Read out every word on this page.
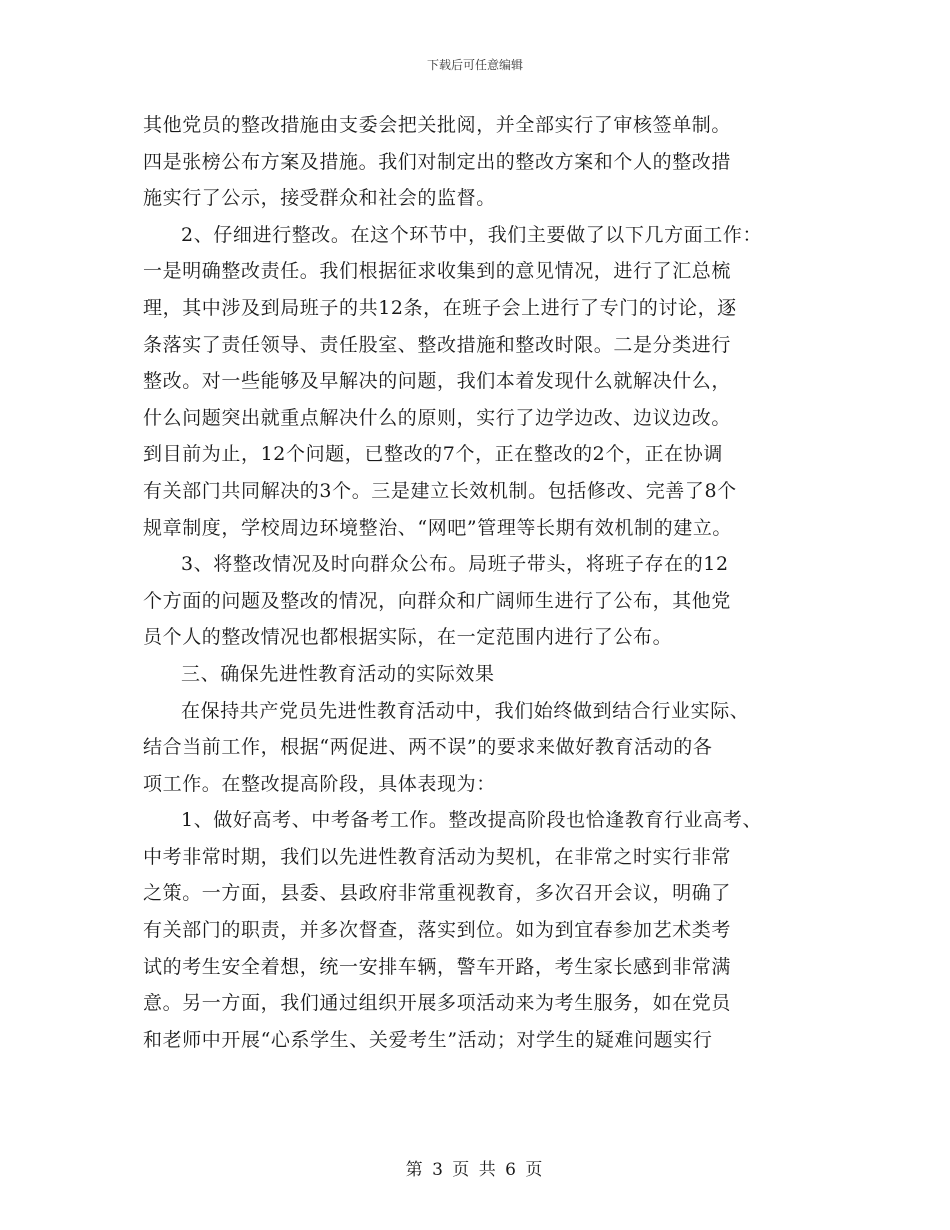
下载后可任意编辑
其他党员的整改措施由支委会把关批阅，并全部实行了审核签单制。
四是张榜公布方案及措施。我们对制定出的整改方案和个人的整改措
施实行了公示，接受群众和社会的监督。
2、仔细进行整改。在这个环节中，我们主要做了以下几方面工作：
一是明确整改责任。我们根据征求收集到的意见情况，进行了汇总梳
理，其中涉及到局班子的共12条，在班子会上进行了专门的讨论，逐
条落实了责任领导、责任股室、整改措施和整改时限。二是分类进行
整改。对一些能够及早解决的问题，我们本着发现什么就解决什么，
什么问题突出就重点解决什么的原则，实行了边学边改、边议边改。
到目前为止，12个问题，已整改的7个，正在整改的2个，正在协调
有关部门共同解决的3个。三是建立长效机制。包括修改、完善了8个
规章制度，学校周边环境整治、“网吧”管理等长期有效机制的建立。
3、将整改情况及时向群众公布。局班子带头，将班子存在的12
个方面的问题及整改的情况，向群众和广阔师生进行了公布，其他党
员个人的整改情况也都根据实际，在一定范围内进行了公布。
三、确保先进性教育活动的实际效果
在保持共产党员先进性教育活动中，我们始终做到结合行业实际、
结合当前工作，根据“两促进、两不误”的要求来做好教育活动的各
项工作。在整改提高阶段，具体表现为：
1、做好高考、中考备考工作。整改提高阶段也恰逢教育行业高考、
中考非常时期，我们以先进性教育活动为契机，在非常之时实行非常
之策。一方面，县委、县政府非常重视教育，多次召开会议，明确了
有关部门的职责，并多次督查，落实到位。如为到宜春参加艺术类考
试的考生安全着想，统一安排车辆，警车开路，考生家长感到非常满
意。另一方面，我们通过组织开展多项活动来为考生服务，如在党员
和老师中开展“心系学生、关爱考生”活动；对学生的疑难问题实行
第 3 页 共 6 页
